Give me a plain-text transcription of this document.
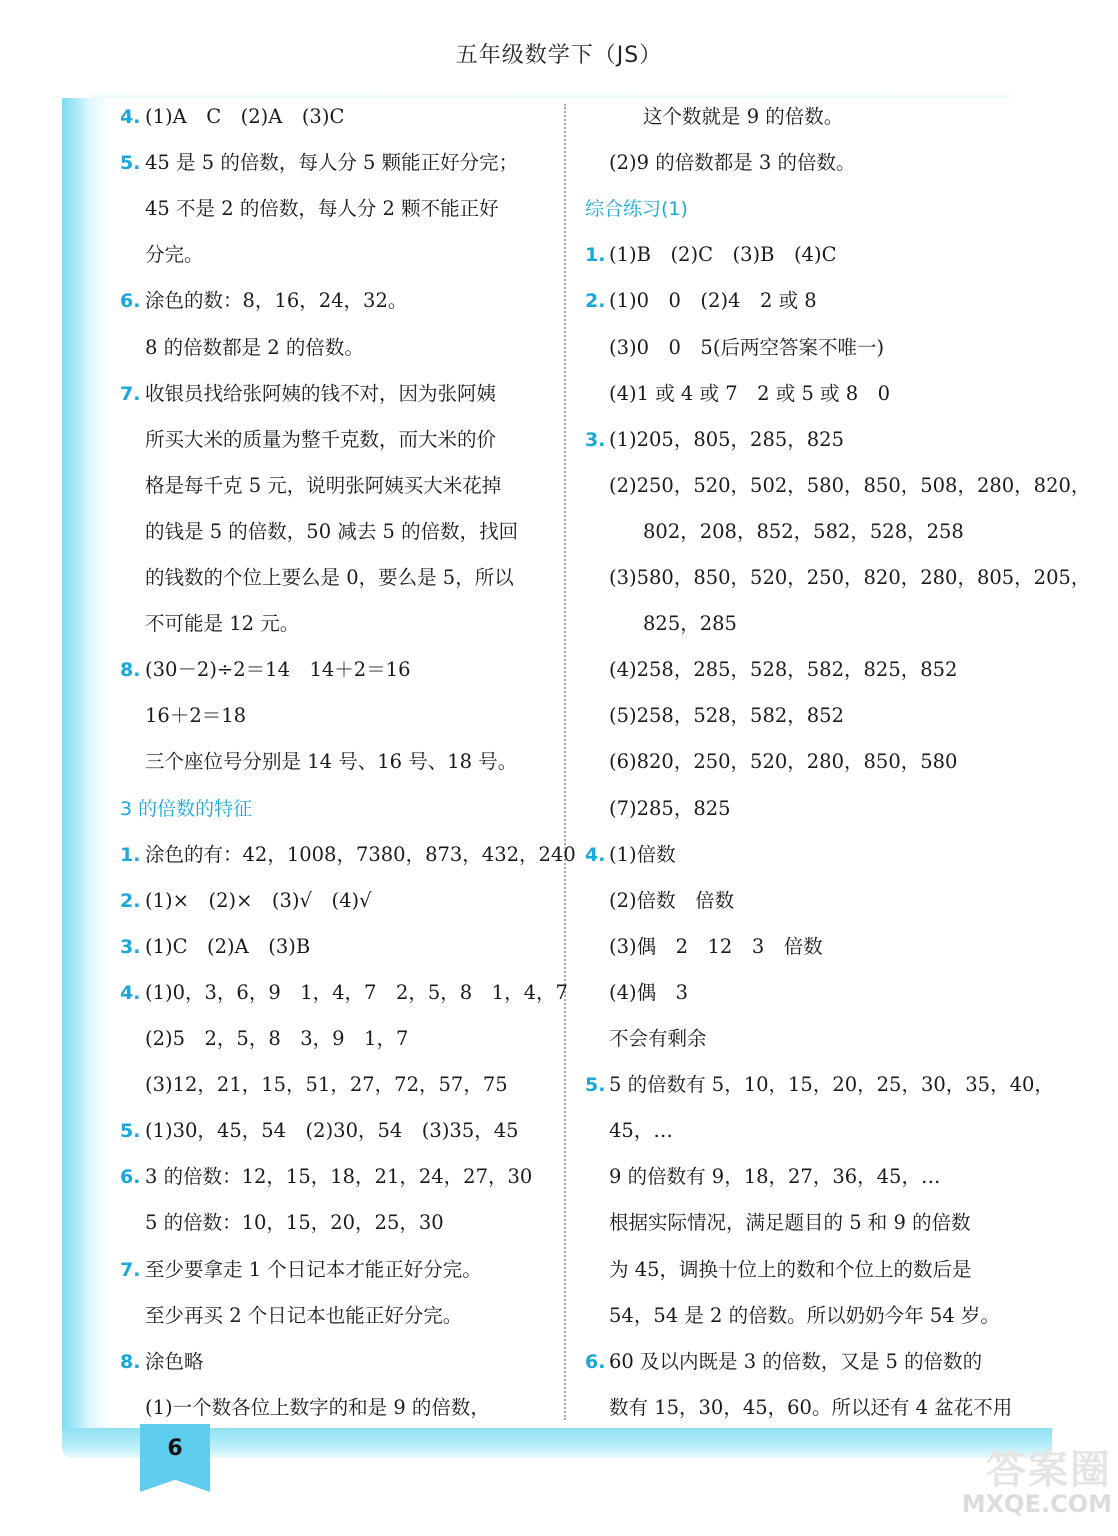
五年级数学下（JS）
4. (1)A　C　(2)A　(3)C
5. 45 是 5 的倍数，每人分 5 颗能正好分完；
45 不是 2 的倍数，每人分 2 颗不能正好
分完。
6. 涂色的数：8，16，24，32。
8 的倍数都是 2 的倍数。
7. 收银员找给张阿姨的钱不对，因为张阿姨
所买大米的质量为整千克数，而大米的价
格是每千克 5 元，说明张阿姨买大米花掉
的钱是 5 的倍数，50 减去 5 的倍数，找回
的钱数的个位上要么是 0，要么是 5，所以
不可能是 12 元。
8. (30－2)÷2＝14　14＋2＝16
16＋2＝18
三个座位号分别是 14 号、16 号、18 号。
3 的倍数的特征
1. 涂色的有：42，1008，7380，873，432，240
2. (1)×　(2)×　(3)√　(4)√
3. (1)C　(2)A　(3)B
4. (1)0，3，6，9　1，4，7　2，5，8　1，4，7
(2)5　2，5，8　3，9　1，7
(3)12，21，15，51，27，72，57，75
5. (1)30，45，54　(2)30，54　(3)35，45
6. 3 的倍数：12，15，18，21，24，27，30
5 的倍数：10，15，20，25，30
7. 至少要拿走 1 个日记本才能正好分完。
至少再买 2 个日记本也能正好分完。
8. 涂色略
(1)一个数各位上数字的和是 9 的倍数，
这个数就是 9 的倍数。
(2)9 的倍数都是 3 的倍数。
综合练习(1)
1. (1)B　(2)C　(3)B　(4)C
2. (1)0　0　(2)4　2 或 8
(3)0　0　5(后两空答案不唯一)
(4)1 或 4 或 7　2 或 5 或 8　0
3. (1)205，805，285，825
(2)250，520，502，580，850，508，280，820，
802，208，852，582，528，258
(3)580，850，520，250，820，280，805，205，
825，285
(4)258，285，528，582，825，852
(5)258，528，582，852
(6)820，250，520，280，850，580
(7)285，825
4. (1)倍数
(2)倍数　倍数
(3)偶　2　12　3　倍数
(4)偶　3
不会有剩余
5. 5 的倍数有 5，10，15，20，25，30，35，40，
45，…
9 的倍数有 9，18，27，36，45，…
根据实际情况，满足题目的 5 和 9 的倍数
为 45，调换十位上的数和个位上的数后是
54，54 是 2 的倍数。所以奶奶今年 54 岁。
6. 60 及以内既是 3 的倍数，又是 5 的倍数的
数有 15，30，45，60。所以还有 4 盆花不用
6	答案圈
MXQE.COM
